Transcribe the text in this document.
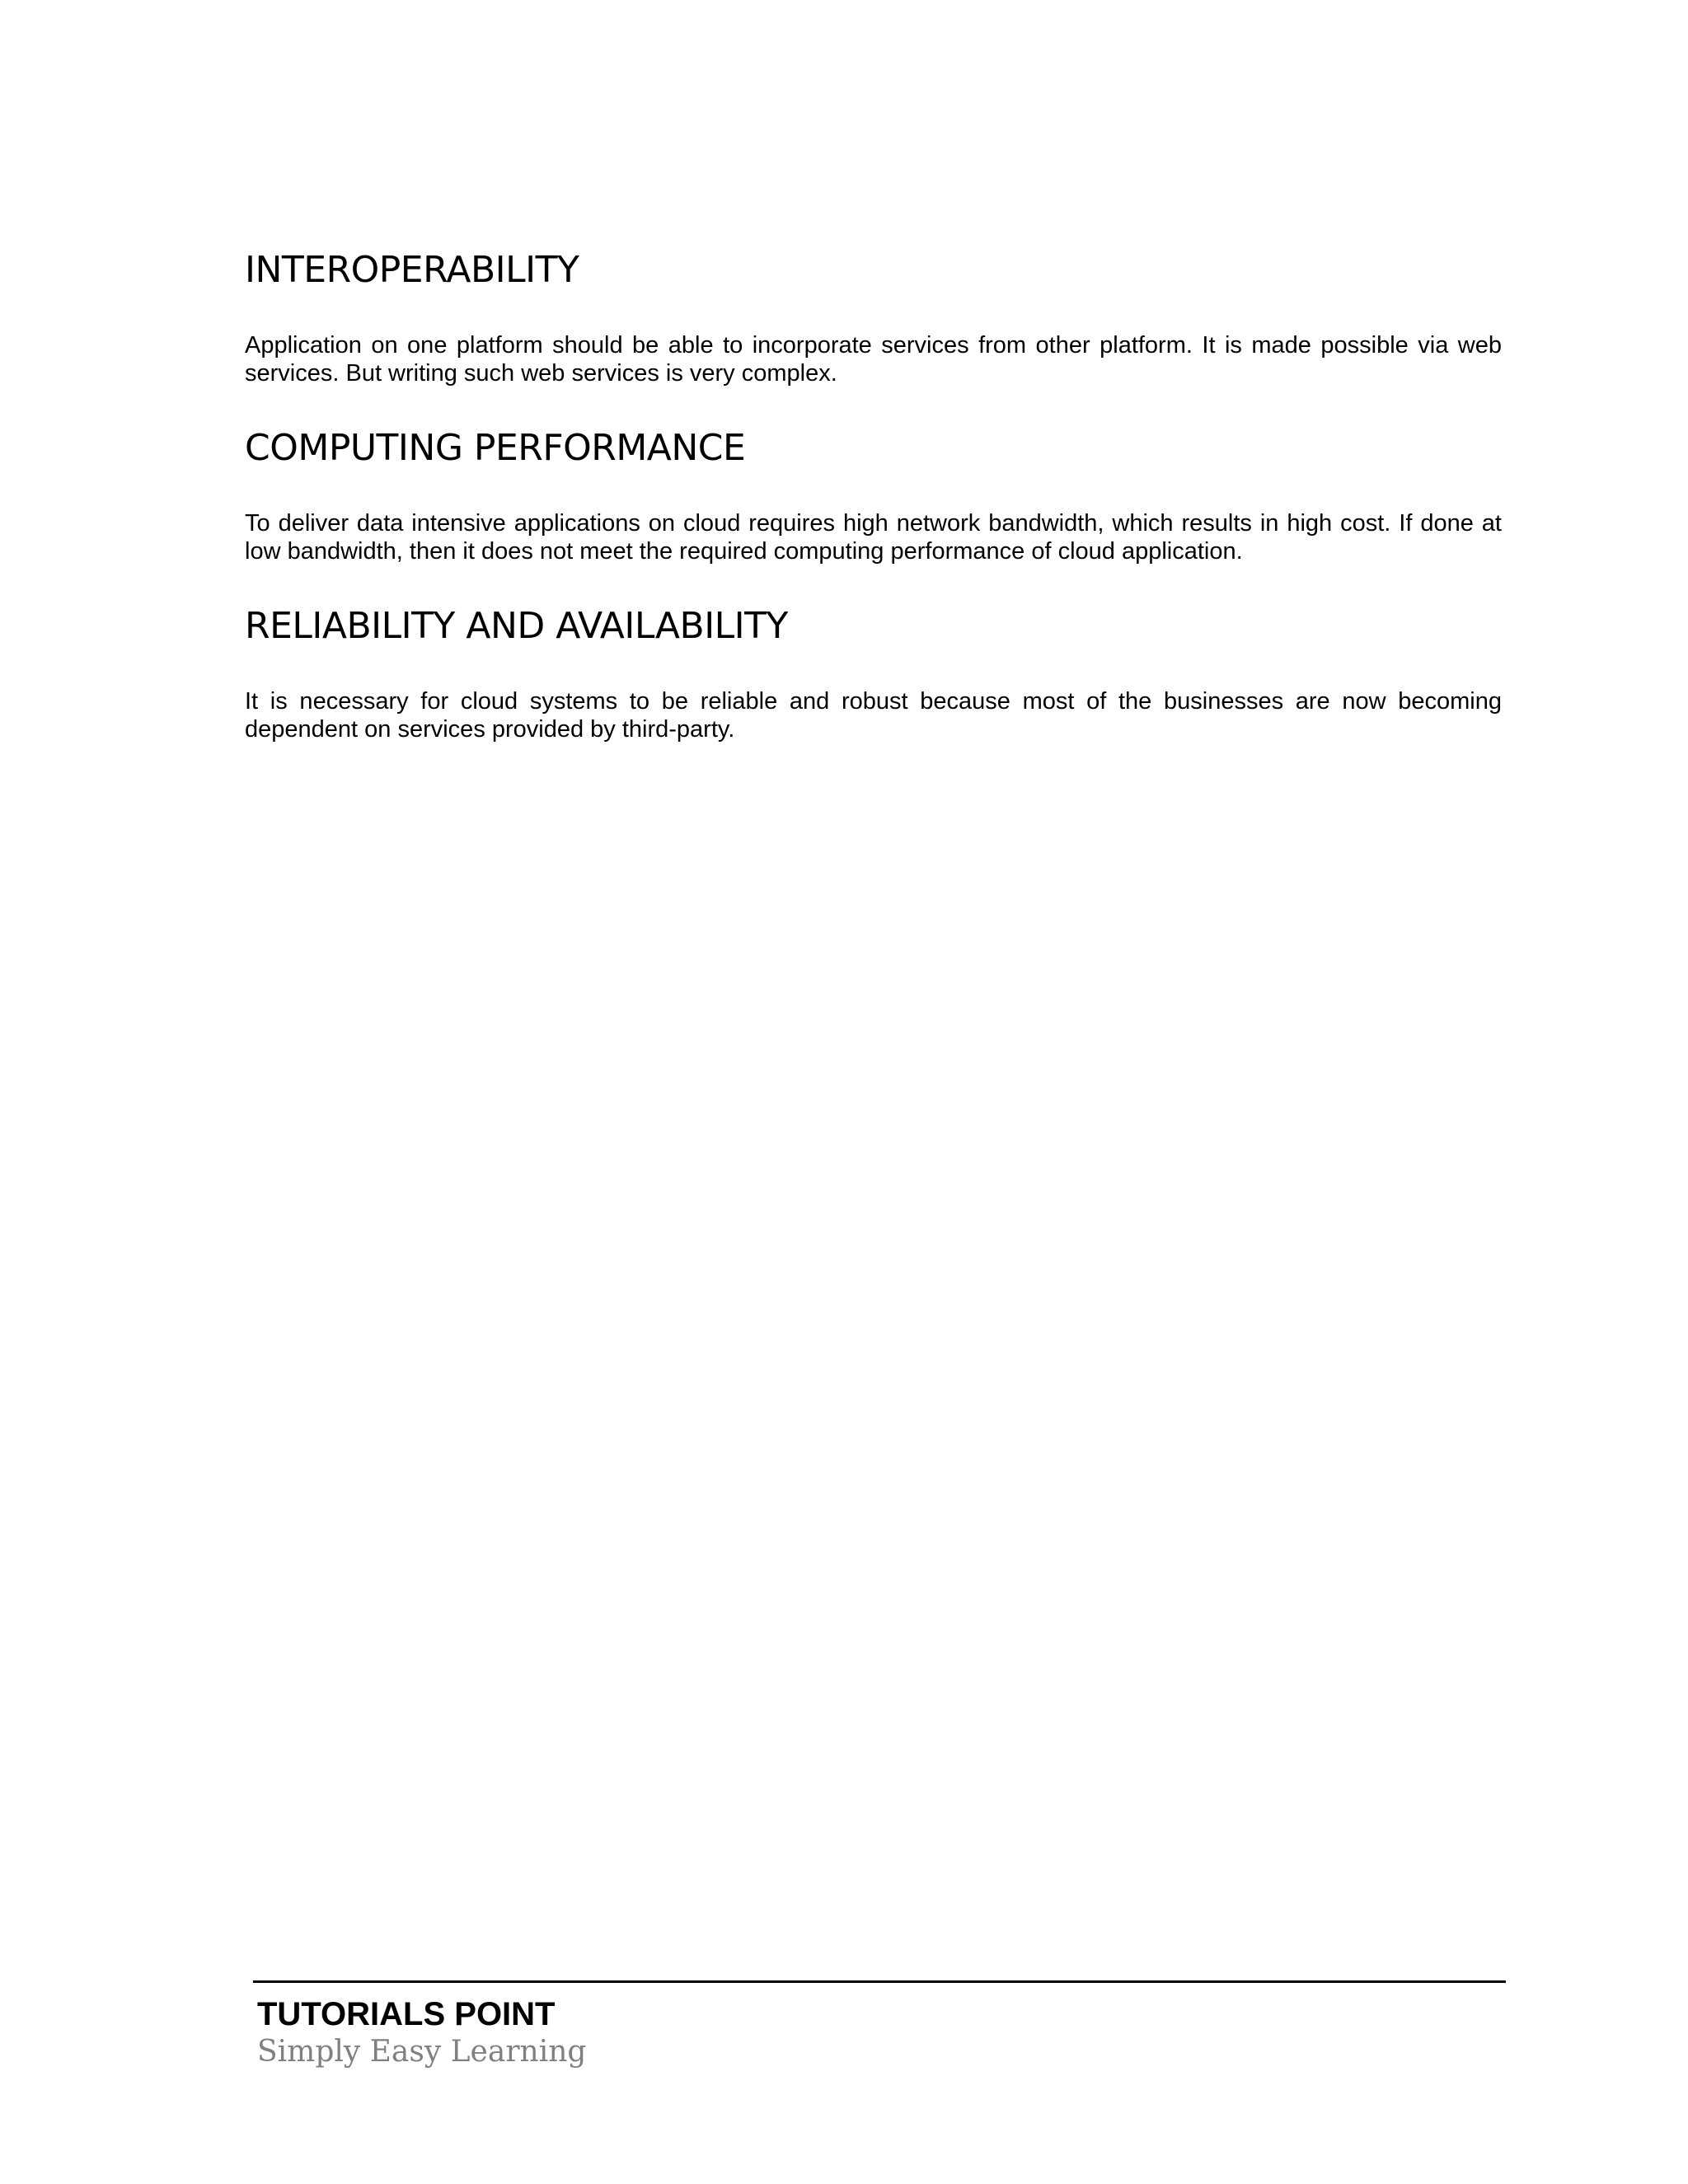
INTEROPERABILITY

Application on one platform should be able to incorporate services from other platform. It is made possible via web services. But writing such web services is very complex.

COMPUTING PERFORMANCE

To deliver data intensive applications on cloud requires high network bandwidth, which results in high cost. If done at low bandwidth, then it does not meet the required computing performance of cloud application.

RELIABILITY AND AVAILABILITY

It is necessary for cloud systems to be reliable and robust because most of the businesses are now becoming dependent on services provided by third-party.

TUTORIALS POINT
Simply Easy Learning
